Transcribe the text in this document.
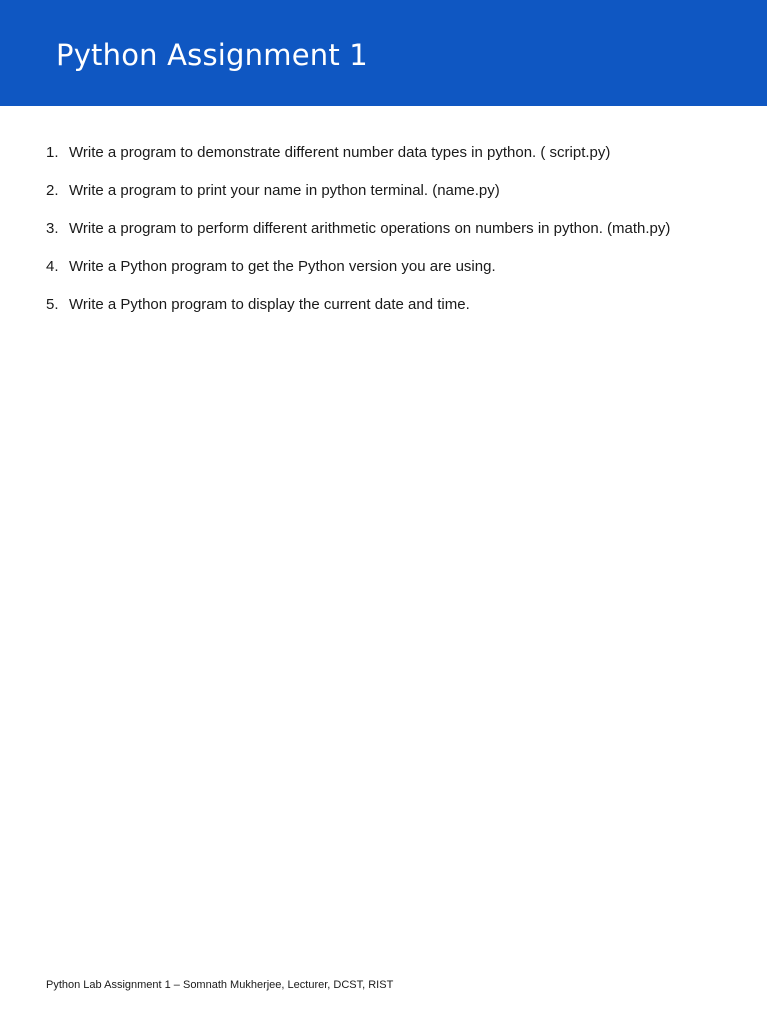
Python Assignment 1
1. Write a program to demonstrate different number data types in python. ( script.py)
2. Write a program to print your name in python terminal. (name.py)
3. Write a program to perform different arithmetic operations on numbers in python. (math.py)
4. Write a Python program to get the Python version you are using.
5. Write a Python program to display the current date and time.
Python Lab Assignment 1 – Somnath Mukherjee, Lecturer, DCST, RIST
